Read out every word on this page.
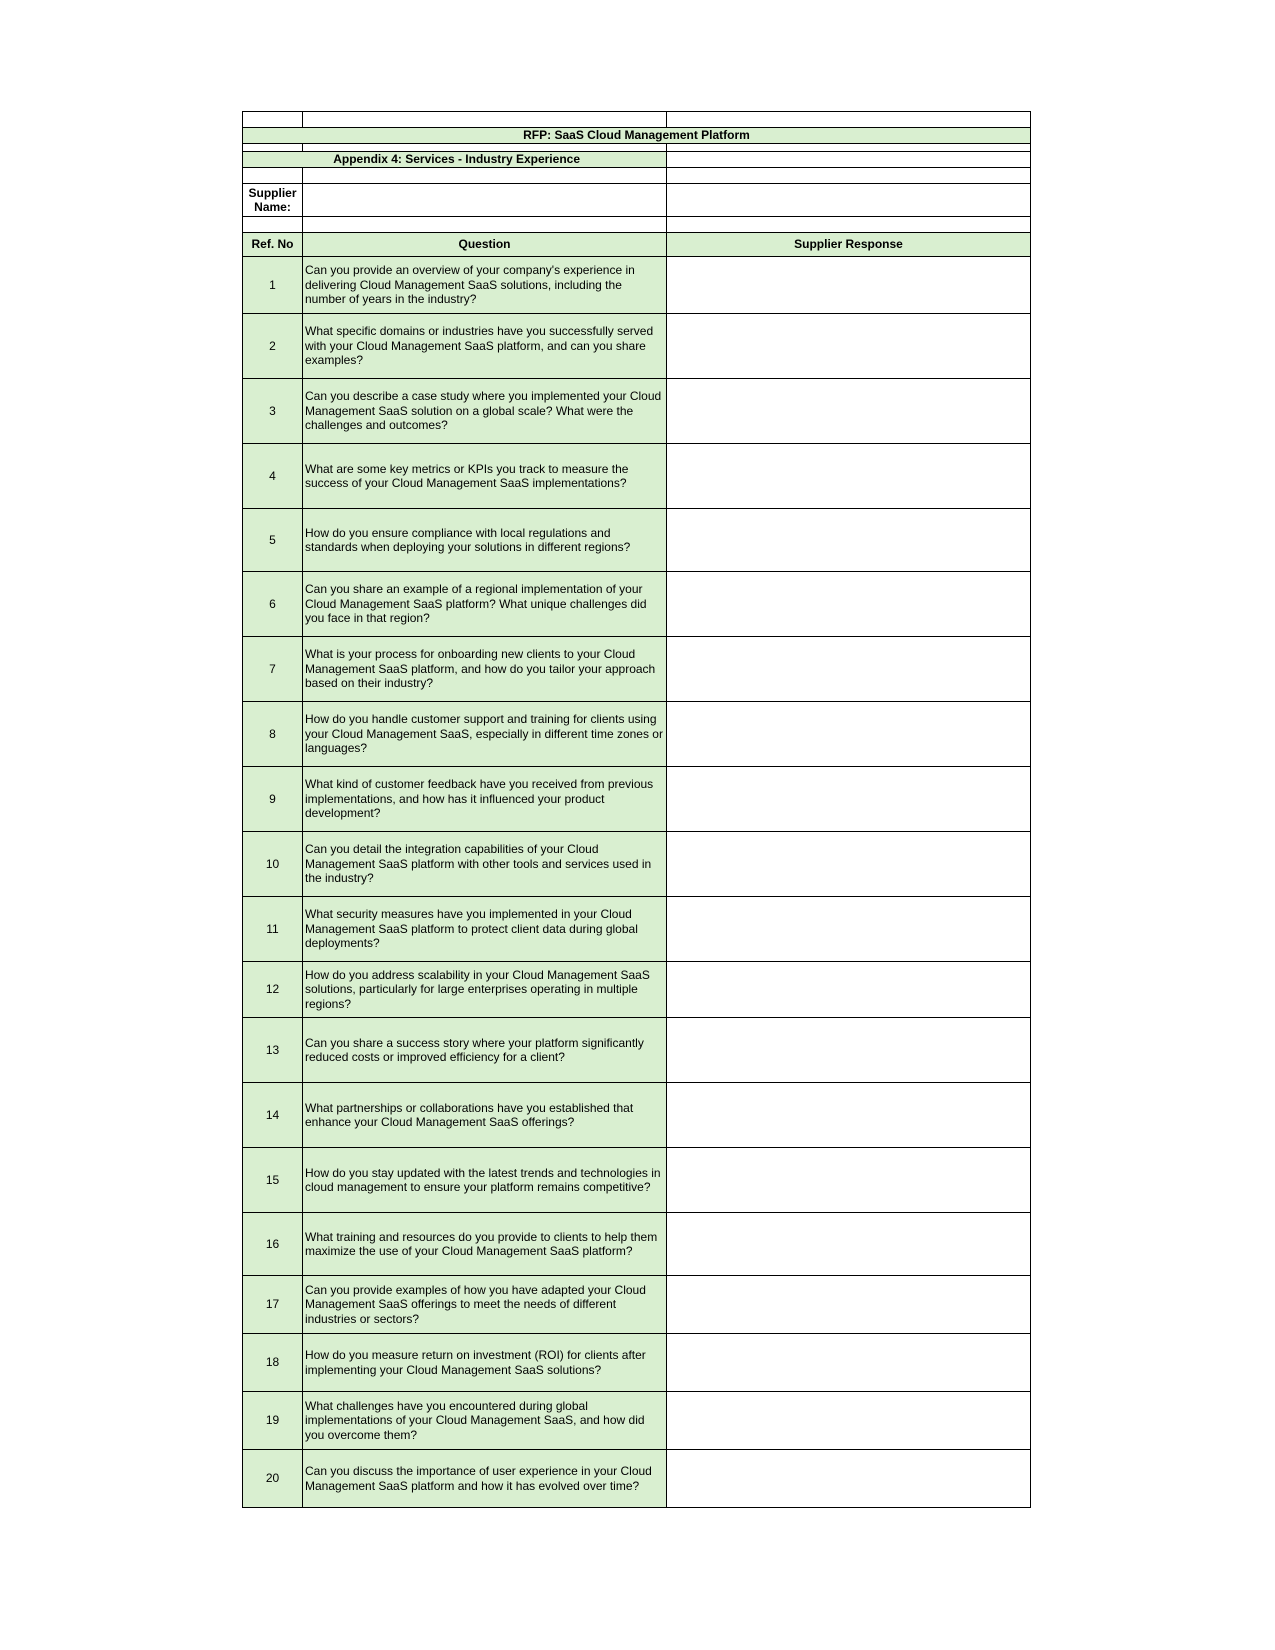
RFP: SaaS Cloud Management Platform		

Appendix 4: Services - Industry Experience		

Supplier Name:		

Ref. No	Question	Supplier Response
1	Can you provide an overview of your company's experience in delivering Cloud Management SaaS solutions, including the number of years in the industry?	
2	What specific domains or industries have you successfully served with your Cloud Management SaaS platform, and can you share examples?	
3	Can you describe a case study where you implemented your Cloud Management SaaS solution on a global scale? What were the challenges and outcomes?	
4	What are some key metrics or KPIs you track to measure the success of your Cloud Management SaaS implementations?	
5	How do you ensure compliance with local regulations and standards when deploying your solutions in different regions?	
6	Can you share an example of a regional implementation of your Cloud Management SaaS platform? What unique challenges did you face in that region?	
7	What is your process for onboarding new clients to your Cloud Management SaaS platform, and how do you tailor your approach based on their industry?	
8	How do you handle customer support and training for clients using your Cloud Management SaaS, especially in different time zones or languages?	
9	What kind of customer feedback have you received from previous implementations, and how has it influenced your product development?	
10	Can you detail the integration capabilities of your Cloud Management SaaS platform with other tools and services used in the industry?	
11	What security measures have you implemented in your Cloud Management SaaS platform to protect client data during global deployments?	
12	How do you address scalability in your Cloud Management SaaS solutions, particularly for large enterprises operating in multiple regions?	
13	Can you share a success story where your platform significantly reduced costs or improved efficiency for a client?	
14	What partnerships or collaborations have you established that enhance your Cloud Management SaaS offerings?	
15	How do you stay updated with the latest trends and technologies in cloud management to ensure your platform remains competitive?	
16	What training and resources do you provide to clients to help them maximize the use of your Cloud Management SaaS platform?	
17	Can you provide examples of how you have adapted your Cloud Management SaaS offerings to meet the needs of different industries or sectors?	
18	How do you measure return on investment (ROI) for clients after implementing your Cloud Management SaaS solutions?	
19	What challenges have you encountered during global implementations of your Cloud Management SaaS, and how did you overcome them?	
20	Can you discuss the importance of user experience in your Cloud Management SaaS platform and how it has evolved over time?	
